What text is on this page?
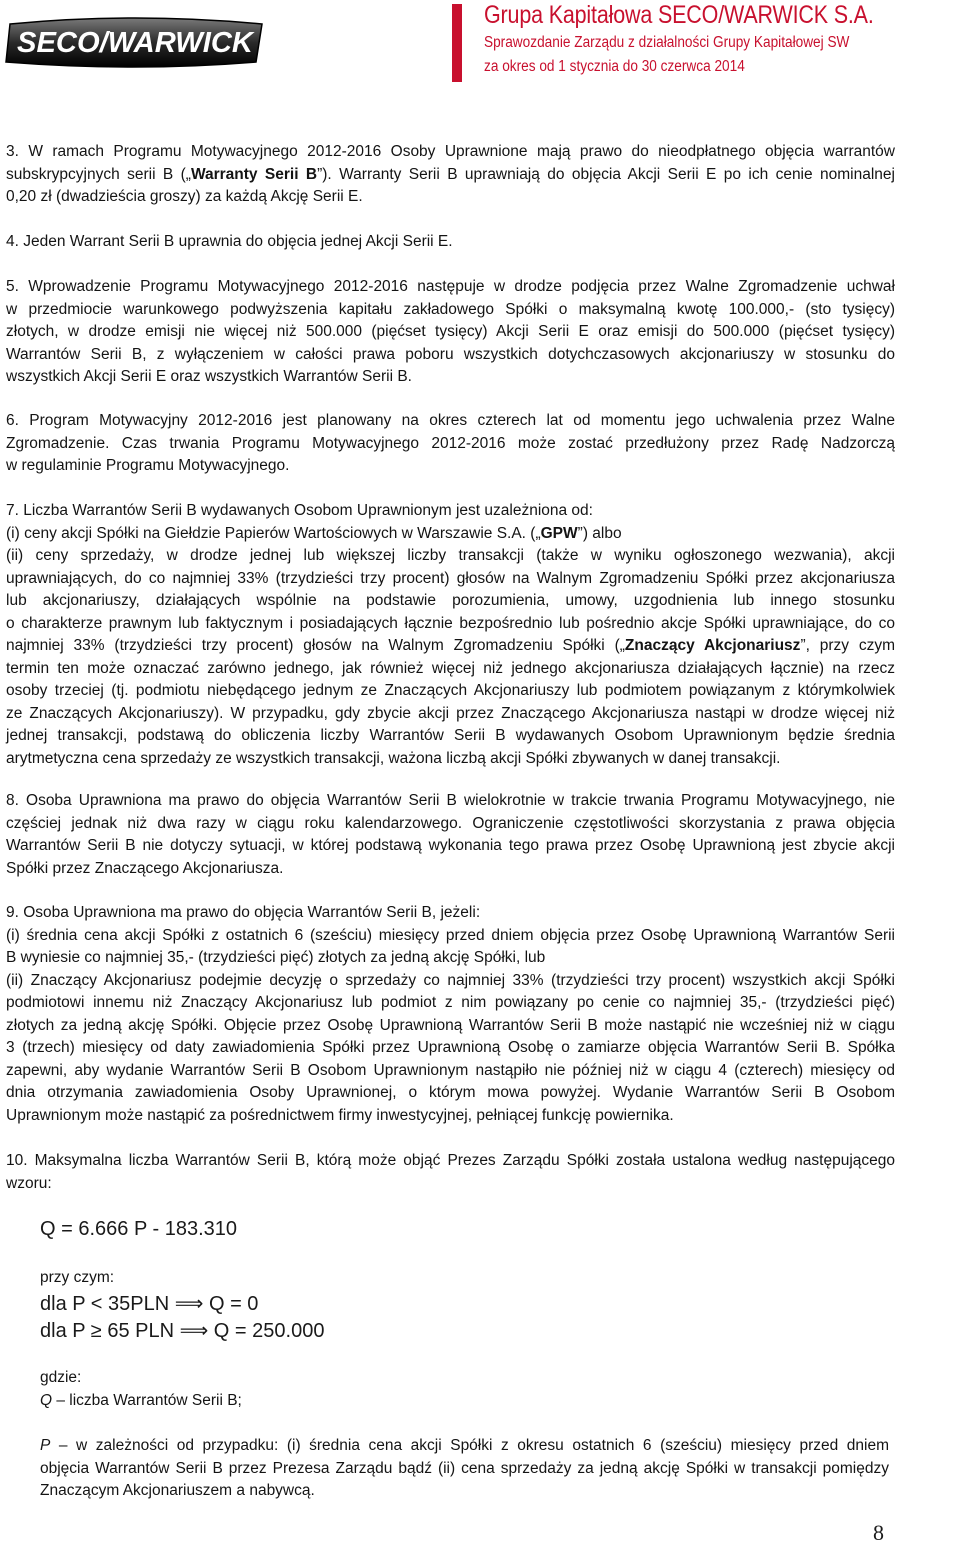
SECO/WARWICK
Grupa Kapitałowa SECO/WARWICK S.A.
Sprawozdanie Zarządu z działalności Grupy Kapitałowej SW
za okres od 1 stycznia do 30 czerwca 2014
3. W ramach Programu Motywacyjnego 2012-2016 Osoby Uprawnione mają prawo do nieodpłatnego objęcia warrantów
subskrypcyjnych serii B („Warranty Serii B”). Warranty Serii B uprawniają do objęcia Akcji Serii E po ich cenie nominalnej
0,20 zł (dwadzieścia groszy) za każdą Akcję Serii E.
4. Jeden Warrant Serii B uprawnia do objęcia jednej Akcji Serii E.
5. Wprowadzenie Programu Motywacyjnego 2012-2016 następuje w drodze podjęcia przez Walne Zgromadzenie uchwał
w przedmiocie warunkowego podwyższenia kapitału zakładowego Spółki o maksymalną kwotę 100.000,- (sto tysięcy)
złotych, w drodze emisji nie więcej niż 500.000 (pięćset tysięcy) Akcji Serii E oraz emisji do 500.000 (pięćset tysięcy)
Warrantów Serii B, z wyłączeniem w całości prawa poboru wszystkich dotychczasowych akcjonariuszy w stosunku do
wszystkich Akcji Serii E oraz wszystkich Warrantów Serii B.
6. Program Motywacyjny 2012-2016 jest planowany na okres czterech lat od momentu jego uchwalenia przez Walne
Zgromadzenie. Czas trwania Programu Motywacyjnego 2012-2016 może zostać przedłużony przez Radę Nadzorczą
w regulaminie Programu Motywacyjnego.
7. Liczba Warrantów Serii B wydawanych Osobom Uprawnionym jest uzależniona od:
(i) ceny akcji Spółki na Giełdzie Papierów Wartościowych w Warszawie S.A. („GPW”) albo
(ii) ceny sprzedaży, w drodze jednej lub większej liczby transakcji (także w wyniku ogłoszonego wezwania), akcji
uprawniających, do co najmniej 33% (trzydzieści trzy procent) głosów na Walnym Zgromadzeniu Spółki przez akcjonariusza
lub akcjonariuszy, działających wspólnie na podstawie porozumienia, umowy, uzgodnienia lub innego stosunku
o charakterze prawnym lub faktycznym i posiadających łącznie bezpośrednio lub pośrednio akcje Spółki uprawniające, do co
najmniej 33% (trzydzieści trzy procent) głosów na Walnym Zgromadzeniu Spółki („Znaczący Akcjonariusz”, przy czym
termin ten może oznaczać zarówno jednego, jak również więcej niż jednego akcjonariusza działających łącznie) na rzecz
osoby trzeciej (tj. podmiotu niebędącego jednym ze Znaczących Akcjonariuszy lub podmiotem powiązanym z którymkolwiek
ze Znaczących Akcjonariuszy). W przypadku, gdy zbycie akcji przez Znaczącego Akcjonariusza nastąpi w drodze więcej niż
jednej transakcji, podstawą do obliczenia liczby Warrantów Serii B wydawanych Osobom Uprawnionym będzie średnia
arytmetyczna cena sprzedaży ze wszystkich transakcji, ważona liczbą akcji Spółki zbywanych w danej transakcji.
8. Osoba Uprawniona ma prawo do objęcia Warrantów Serii B wielokrotnie w trakcie trwania Programu Motywacyjnego, nie
częściej jednak niż dwa razy w ciągu roku kalendarzowego. Ograniczenie częstotliwości skorzystania z prawa objęcia
Warrantów Serii B nie dotyczy sytuacji, w której podstawą wykonania tego prawa przez Osobę Uprawnioną jest zbycie akcji
Spółki przez Znaczącego Akcjonariusza.
9. Osoba Uprawniona ma prawo do objęcia Warrantów Serii B, jeżeli:
(i) średnia cena akcji Spółki z ostatnich 6 (sześciu) miesięcy przed dniem objęcia przez Osobę Uprawnioną Warrantów Serii
B wyniesie co najmniej 35,- (trzydzieści pięć) złotych za jedną akcję Spółki, lub
(ii) Znaczący Akcjonariusz podejmie decyzję o sprzedaży co najmniej 33% (trzydzieści trzy procent) wszystkich akcji Spółki
podmiotowi innemu niż Znaczący Akcjonariusz lub podmiot z nim powiązany po cenie co najmniej 35,- (trzydzieści pięć)
złotych za jedną akcję Spółki. Objęcie przez Osobę Uprawnioną Warrantów Serii B może nastąpić nie wcześniej niż w ciągu
3 (trzech) miesięcy od daty zawiadomienia Spółki przez Uprawnioną Osobę o zamiarze objęcia Warrantów Serii B. Spółka
zapewni, aby wydanie Warrantów Serii B Osobom Uprawnionym nastąpiło nie później niż w ciągu 4 (czterech) miesięcy od
dnia otrzymania zawiadomienia Osoby Uprawnionej, o którym mowa powyżej. Wydanie Warrantów Serii B Osobom
Uprawnionym może nastąpić za pośrednictwem firmy inwestycyjnej, pełniącej funkcję powiernika.
10. Maksymalna liczba Warrantów Serii B, którą może objąć Prezes Zarządu Spółki została ustalona według następującego
wzoru:
Q = 6.666 P - 183.310
przy czym:
dla P < 35PLN ⟹ Q = 0
dla P ≥ 65 PLN ⟹ Q = 250.000
gdzie:
Q – liczba Warrantów Serii B;
P – w zależności od przypadku: (i) średnia cena akcji Spółki z okresu ostatnich 6 (sześciu) miesięcy przed dniem
objęcia Warrantów Serii B przez Prezesa Zarządu bądź (ii) cena sprzedaży za jedną akcję Spółki w transakcji pomiędzy
Znaczącym Akcjonariuszem a nabywcą.
8
